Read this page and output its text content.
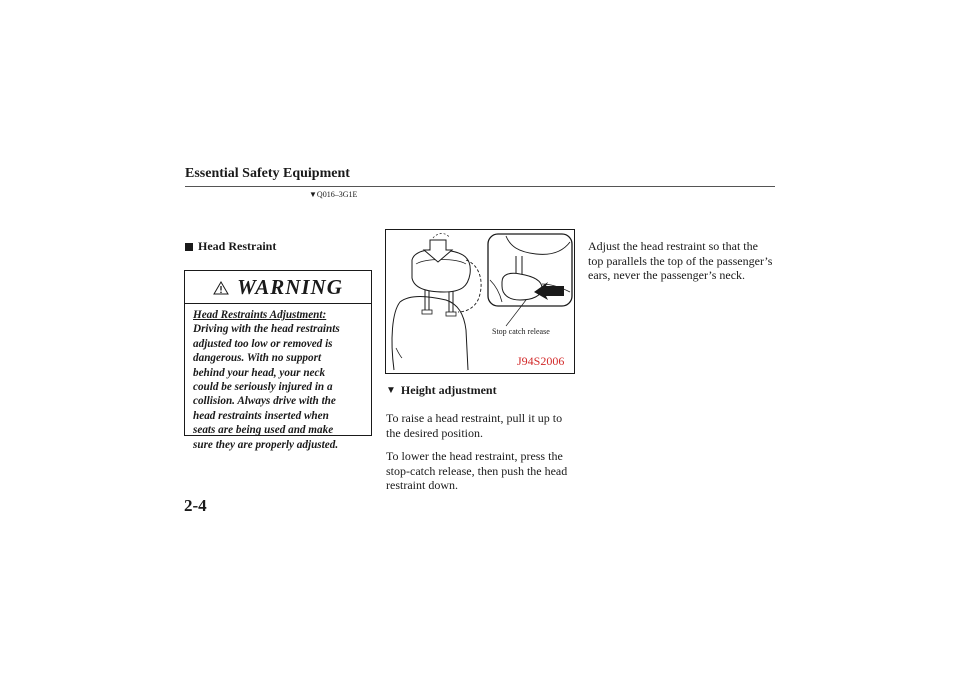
Essential Safety Equipment
▼Q016–3G1E
Head Restraint
WARNING
Head Restraints Adjustment:
Driving with the head restraints
adjusted too low or removed is
dangerous. With no support
behind your head, your neck
could be seriously injured in a
collision. Always drive with the
head restraints inserted when
seats are being used and make
sure they are properly adjusted.
Stop catch release
J94S2006
▼ Height adjustment
To raise a head restraint, pull it up to
the desired position.
To lower the head restraint, press the
stop-catch release, then push the head
restraint down.
Adjust the head restraint so that the
top parallels the top of the passenger’s
ears, never the passenger’s neck.
2-4
